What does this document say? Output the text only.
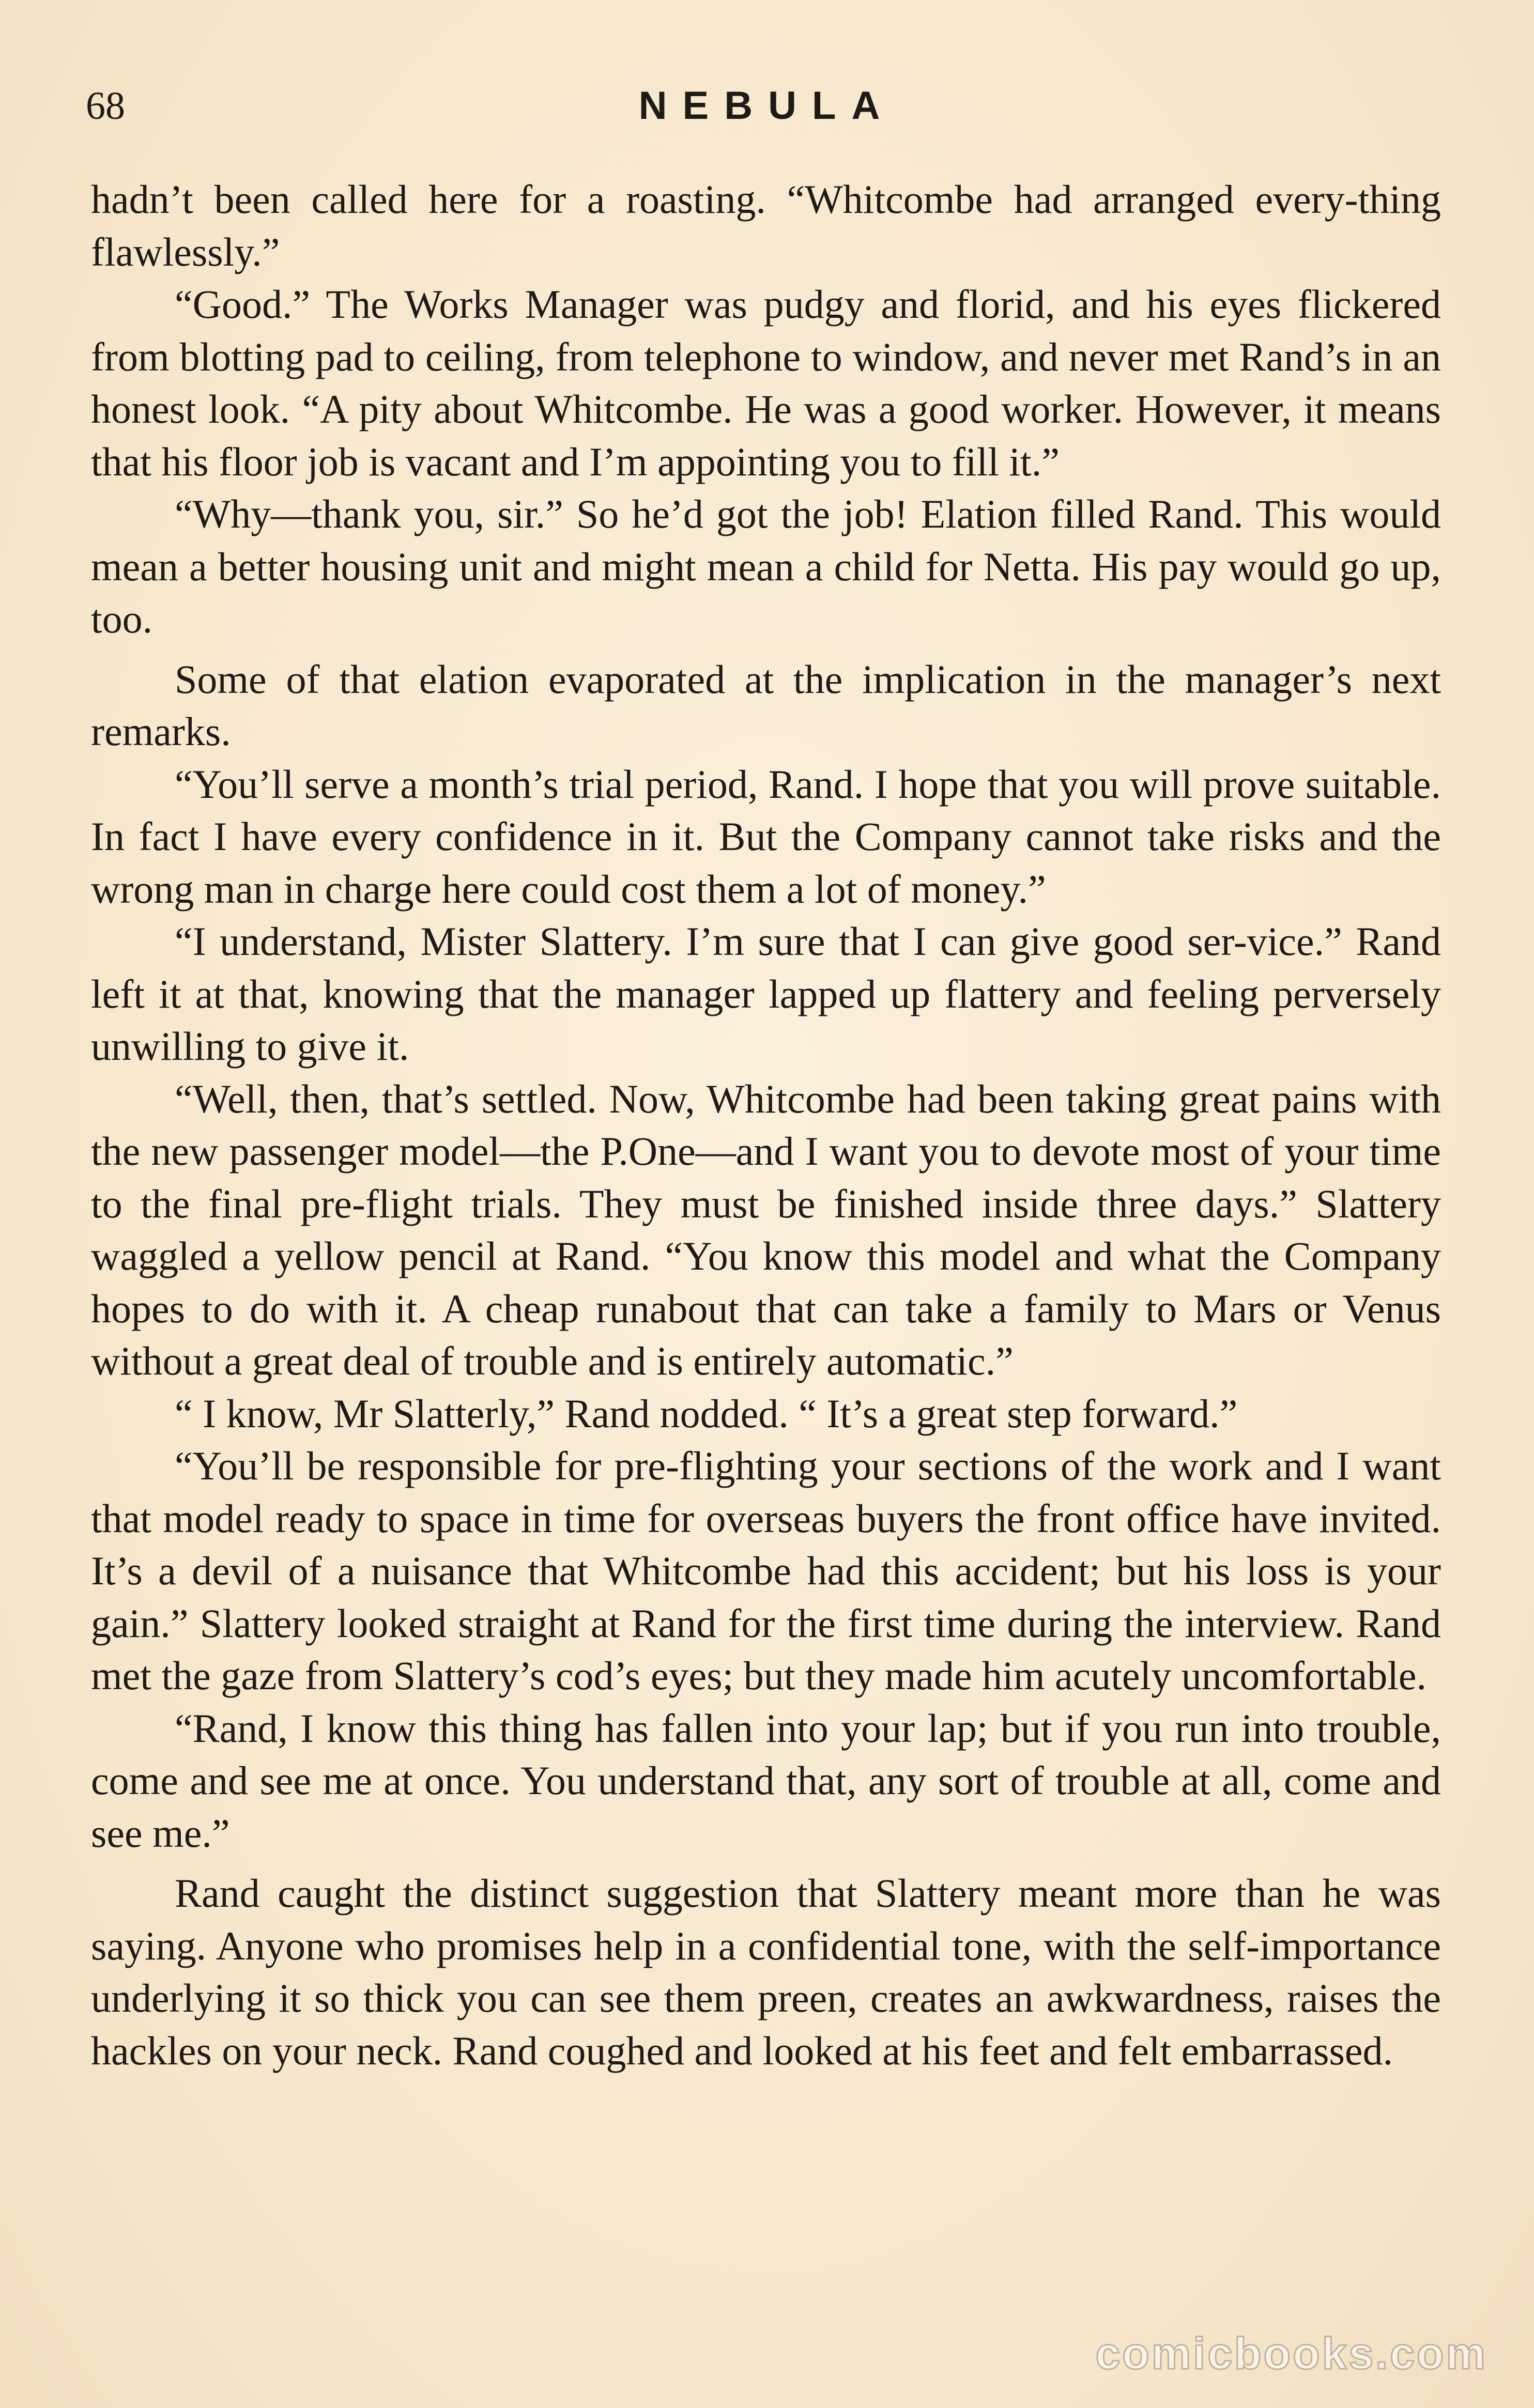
68	NEBULA

hadn’t been called here for a roasting. “Whitcombe had arranged every-thing flawlessly.”

“Good.” The Works Manager was pudgy and florid, and his eyes flickered from blotting pad to ceiling, from telephone to window, and never met Rand’s in an honest look. “A pity about Whitcombe. He was a good worker. However, it means that his floor job is vacant and I’m appointing you to fill it.”

“Why—thank you, sir.” So he’d got the job! Elation filled Rand. This would mean a better housing unit and might mean a child for Netta. His pay would go up, too.

Some of that elation evaporated at the implication in the manager’s next remarks.

“You’ll serve a month’s trial period, Rand. I hope that you will prove suitable. In fact I have every confidence in it. But the Company cannot take risks and the wrong man in charge here could cost them a lot of money.”

“I understand, Mister Slattery. I’m sure that I can give good ser-vice.” Rand left it at that, knowing that the manager lapped up flattery and feeling perversely unwilling to give it.

“Well, then, that’s settled. Now, Whitcombe had been taking great pains with the new passenger model—the P.One—and I want you to devote most of your time to the final pre-flight trials. They must be finished inside three days.” Slattery waggled a yellow pencil at Rand. “You know this model and what the Company hopes to do with it. A cheap runabout that can take a family to Mars or Venus without a great deal of trouble and is entirely automatic.”

“ I know, Mr Slatterly,” Rand nodded. “ It’s a great step forward.”

“You’ll be responsible for pre-flighting your sections of the work and I want that model ready to space in time for overseas buyers the front office have invited. It’s a devil of a nuisance that Whitcombe had this accident; but his loss is your gain.” Slattery looked straight at Rand for the first time during the interview. Rand met the gaze from Slattery’s cod’s eyes; but they made him acutely uncomfortable.

“Rand, I know this thing has fallen into your lap; but if you run into trouble, come and see me at once. You understand that, any sort of trouble at all, come and see me.”

Rand caught the distinct suggestion that Slattery meant more than he was saying. Anyone who promises help in a confidential tone, with the self-importance underlying it so thick you can see them preen, creates an awkwardness, raises the hackles on your neck. Rand coughed and looked at his feet and felt embarrassed.

comicbooks.com
